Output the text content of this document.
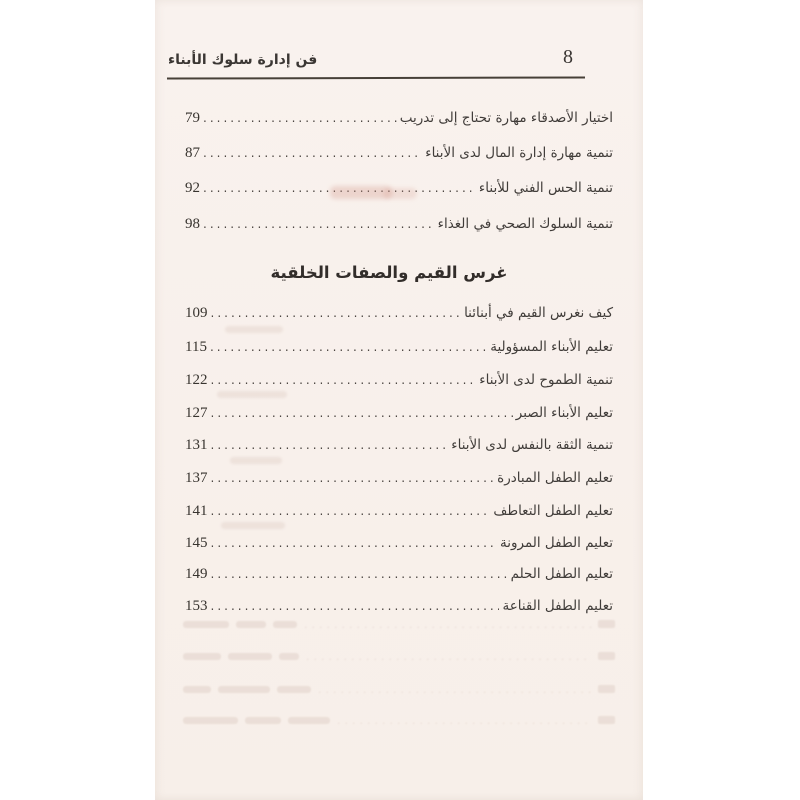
فن إدارة سلوك الأبناء	8
اختيار الأصدقاء مهارة تحتاج إلى تدريب
.....
79
تنمية مهارة إدارة المال لدى الأبناء
.....
87
تنمية الحس الفني للأبناء
.....
92
تنمية السلوك الصحي في الغذاء
.....
98
غرس القيم والصفات الخلقية
كيف نغرس القيم في أبنائنا
.....
109
تعليم الأبناء المسؤولية
.....
115
تنمية الطموح لدى الأبناء
.....
122
تعليم الأبناء الصبر
.....
127
تنمية الثقة بالنفس لدى الأبناء
.....
131
تعليم الطفل المبادرة
.....
137
تعليم الطفل التعاطف
.....
141
تعليم الطفل المرونة
.....
145
تعليم الطفل الحلم
.....
149
تعليم الطفل القناعة
.....
153
.....
.....
.....
.....
